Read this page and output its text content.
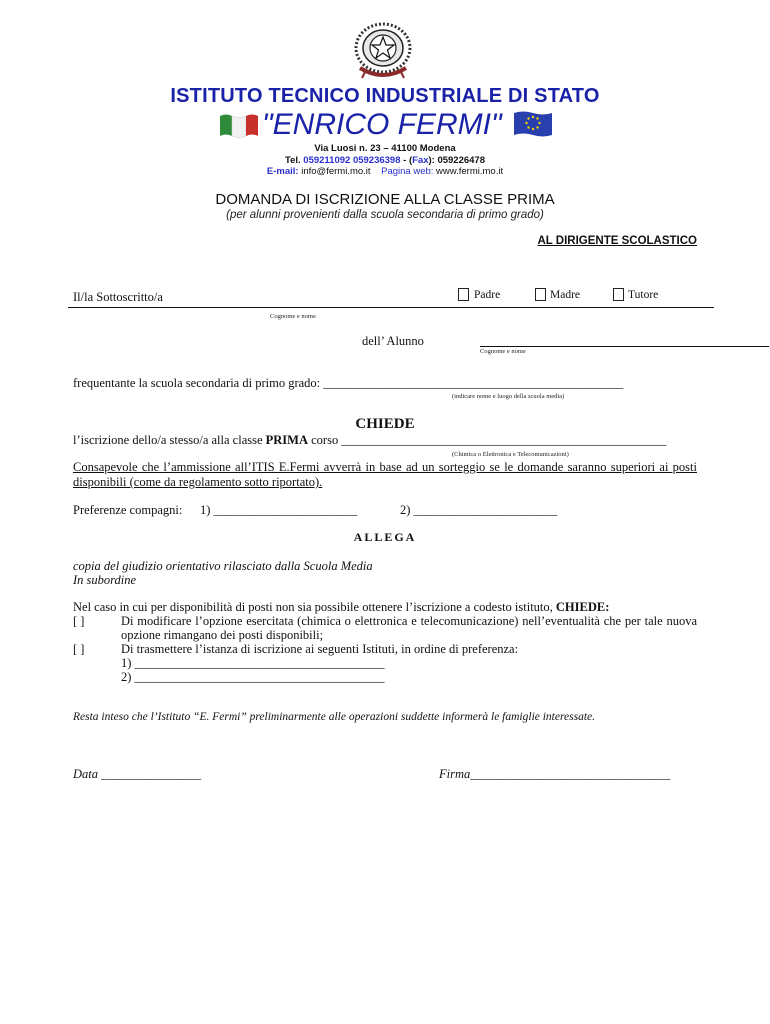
ISTITUTO TECNICO INDUSTRIALE DI STATO
"ENRICO FERMI"
Via Luosi n. 23 – 41100 Modena
Tel. 059211092 059236398 - (Fax): 059226478
E-mail: info@fermi.mo.it Pagina web: www.fermi.mo.it
DOMANDA DI ISCRIZIONE ALLA CLASSE PRIMA
(per alunni provenienti dalla scuola secondaria di primo grado)
AL DIRIGENTE SCOLASTICO
Il/la Sottoscritto/a	Padre	Madre	Tutore
Cognome e nome
dell’ Alunno
Cognome e nome
frequentante la scuola secondaria di primo grado: ________________________________________________
(indicare nome e luogo della scuola media)
CHIEDE
l’iscrizione dello/a stesso/a alla classe PRIMA corso ____________________________________________________
(Chimica o Elettronica e Telecomunicazioni)
Consapevole che l’ammissione all’ITIS E.Fermi avverrà in base ad un sorteggio se le domande saranno superiori ai posti disponibili (come da regolamento sotto riportato).
Preferenze compagni: 1) _______________________	2) _______________________
ALLEGA
copia del giudizio orientativo rilasciato dalla Scuola Media
In subordine
Nel caso in cui per disponibilità di posti non sia possibile ottenere l’iscrizione a codesto istituto, CHIEDE:
[ ]	Di modificare l’opzione esercitata (chimica o elettronica e telecomunicazione) nell’eventualità che per tale nuova opzione rimangano dei posti disponibili;
[ ]	Di trasmettere l’istanza di iscrizione ai seguenti Istituti, in ordine di preferenza:
1) ________________________________________
2) ________________________________________
Resta inteso che l’Istituto “E. Fermi” preliminarmente alle operazioni suddette informerà le famiglie interessate.
Data ________________	Firma________________________________
